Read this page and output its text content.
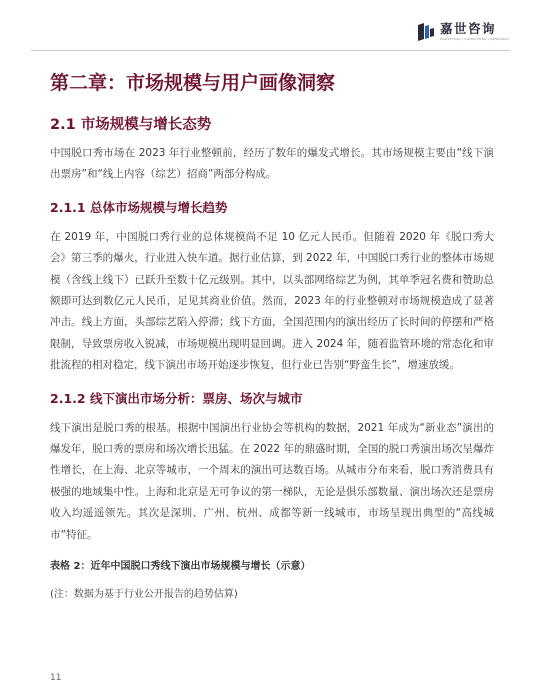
嘉世咨询
MARKETING | CONSULTING | RESEARCH
第二章：市场规模与用户画像洞察
2.1 市场规模与增长态势

中国脱口秀市场在 2023 年行业整顿前，经历了数年的爆发式增长。其市场规模主要由“线下演出票房”和“线上内容（综艺）招商”两部分构成。

2.1.1 总体市场规模与增长趋势

在 2019 年，中国脱口秀行业的总体规模尚不足 10 亿元人民币。但随着 2020 年《脱口秀大会》第三季的爆火，行业进入快车道。据行业估算，到 2022 年，中国脱口秀行业的整体市场规模（含线上线下）已跃升至数十亿元级别。其中，以头部网络综艺为例，其单季冠名费和赞助总额即可达到数亿元人民币，足见其商业价值。然而，2023 年的行业整顿对市场规模造成了显著冲击。线上方面，头部综艺陷入停滞；线下方面，全国范围内的演出经历了长时间的停摆和严格限制，导致票房收入锐减，市场规模出现明显回调。进入 2024 年，随着监管环境的常态化和审批流程的相对稳定，线下演出市场开始逐步恢复，但行业已告别“野蛮生长”，增速放缓。

2.1.2 线下演出市场分析：票房、场次与城市

线下演出是脱口秀的根基。根据中国演出行业协会等机构的数据，2021 年成为“新业态”演出的爆发年，脱口秀的票房和场次增长迅猛。在 2022 年的鼎盛时期，全国的脱口秀演出场次呈爆炸性增长，在上海、北京等城市，一个周末的演出可达数百场。从城市分布来看，脱口秀消费具有极强的地域集中性。上海和北京是无可争议的第一梯队，无论是俱乐部数量、演出场次还是票房收入均遥遥领先。其次是深圳、广州、杭州、成都等新一线城市，市场呈现出典型的“高线城市”特征。

表格 2：近年中国脱口秀线下演出市场规模与增长（示意）
(注：数据为基于行业公开报告的趋势估算)
11
